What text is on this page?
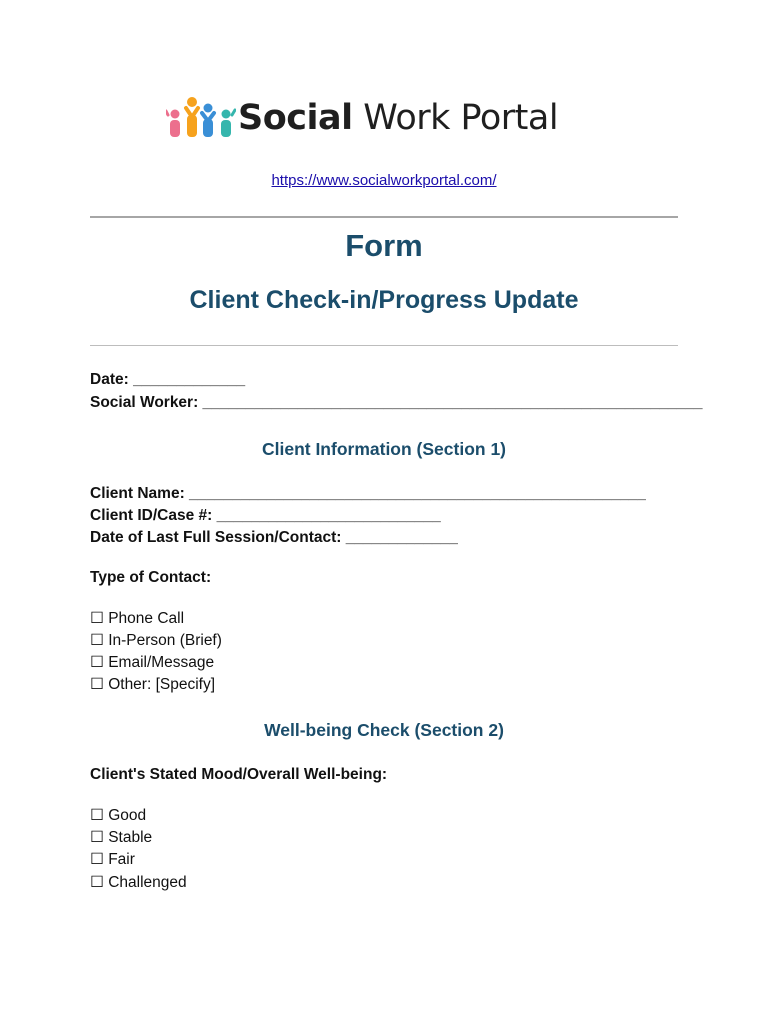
Social Work Portal
https://www.socialworkportal.com/
Form
Client Check-in/Progress Update
Date: _____________
Social Worker: __________________________________________________________
Client Information (Section 1)
Client Name: _____________________________________________________
Client ID/Case #: __________________________
Date of Last Full Session/Contact: _____________
Type of Contact:
☐ Phone Call
☐ In-Person (Brief)
☐ Email/Message
☐ Other: [Specify]
Well-being Check (Section 2)
Client's Stated Mood/Overall Well-being:
☐ Good
☐ Stable
☐ Fair
☐ Challenged
